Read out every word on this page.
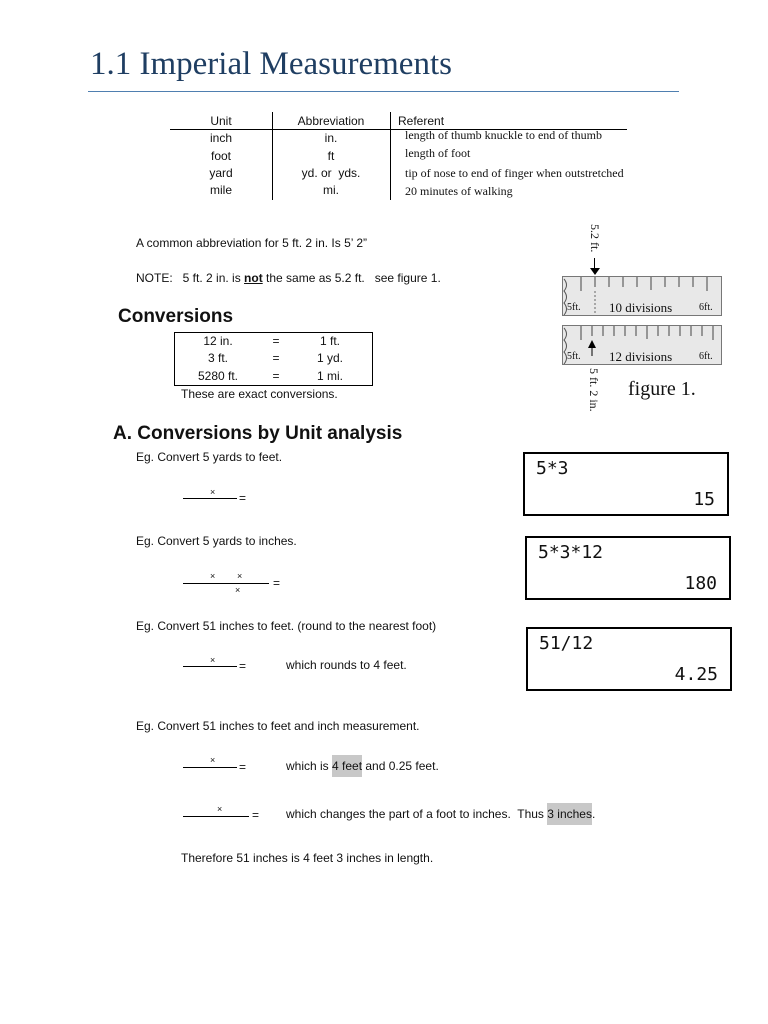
1.1 Imperial Measurements
Unit	Abbreviation	Referent
inch	in.	length of thumb knuckle to end of thumb
foot	ft	length of foot
yard	yd. or  yds.	tip of nose to end of finger when outstretched
mile	mi.	20 minutes of walking
A common abbreviation for 5 ft. 2 in. Is 5’ 2”
NOTE:   5 ft. 2 in. is not the same as 5.2 ft.   see figure 1.
Conversions
12 in.	=	1 ft.
3 ft.	=	1 yd.
5280 ft.	=	1 mi.
These are exact conversions.
5.2 ft.
5ft. 10 divisions	6ft.
5ft. 12 divisions	6ft.
5 ft. 2 in. figure 1.
A. Conversions by Unit analysis
Eg. Convert 5 yards to feet.
× =
Eg. Convert 5 yards to inches.
× ×
×	=
Eg. Convert 51 inches to feet. (round to the nearest foot)
× =	which rounds to 4 feet.
Eg. Convert 51 inches to feet and inch measurement.
× =	which is 4 feet and 0.25 feet.
× = which changes the part of a foot to inches.  Thus 3 inches.
Therefore 51 inches is 4 feet 3 inches in length.
5*3
15
5*3*12
180
51/12
4.25
